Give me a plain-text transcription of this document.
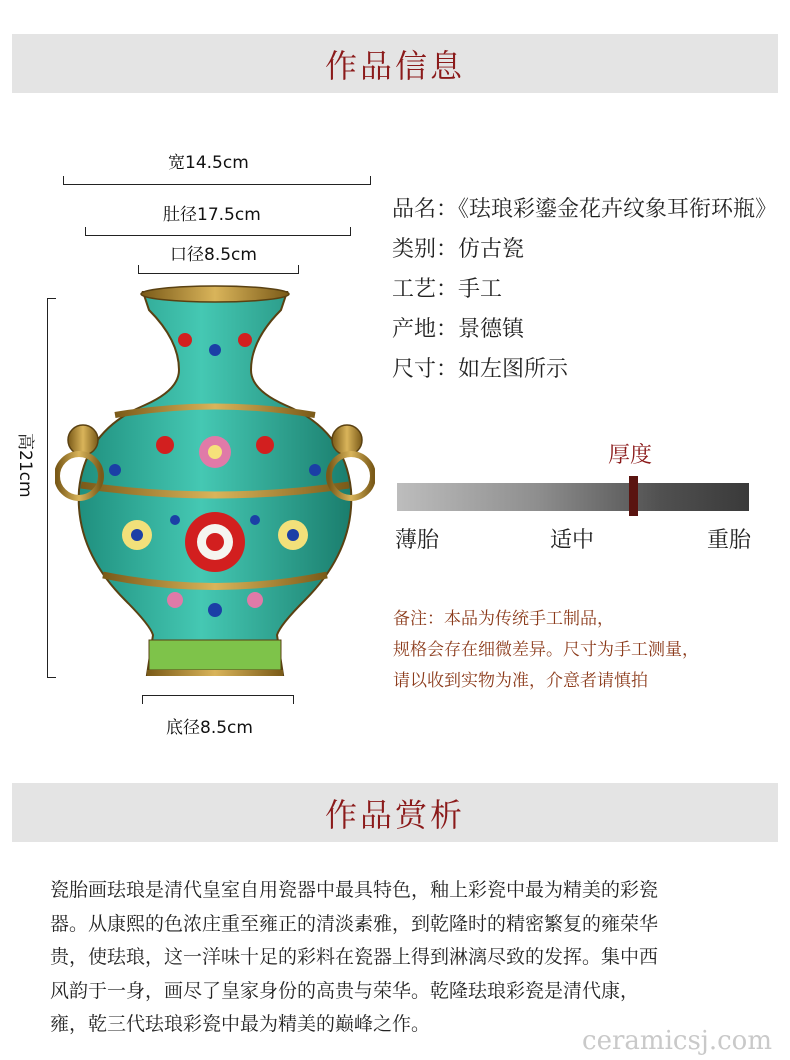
作品信息
宽14.5cm
肚径17.5cm
口径8.5cm
高21cm
底径8.5cm
品名：《珐琅彩鎏金花卉纹象耳衔环瓶》
类别：仿古瓷
工艺：手工
产地：景德镇
尺寸：如左图所示
厚度
薄胎	适中	重胎
备注：本品为传统手工制品，
规格会存在细微差异。尺寸为手工测量，
请以收到实物为准，介意者请慎拍
作品赏析
瓷胎画珐琅是清代皇室自用瓷器中最具特色，釉上彩瓷中最为精美的彩瓷
器。从康熙的色浓庄重至雍正的清淡素雅，到乾隆时的精密繁复的雍荣华
贵，使珐琅，这一洋味十足的彩料在瓷器上得到淋漓尽致的发挥。集中西
风韵于一身，画尽了皇家身份的高贵与荣华。乾隆珐琅彩瓷是清代康，
雍，乾三代珐琅彩瓷中最为精美的巅峰之作。
ceramicsj.com
